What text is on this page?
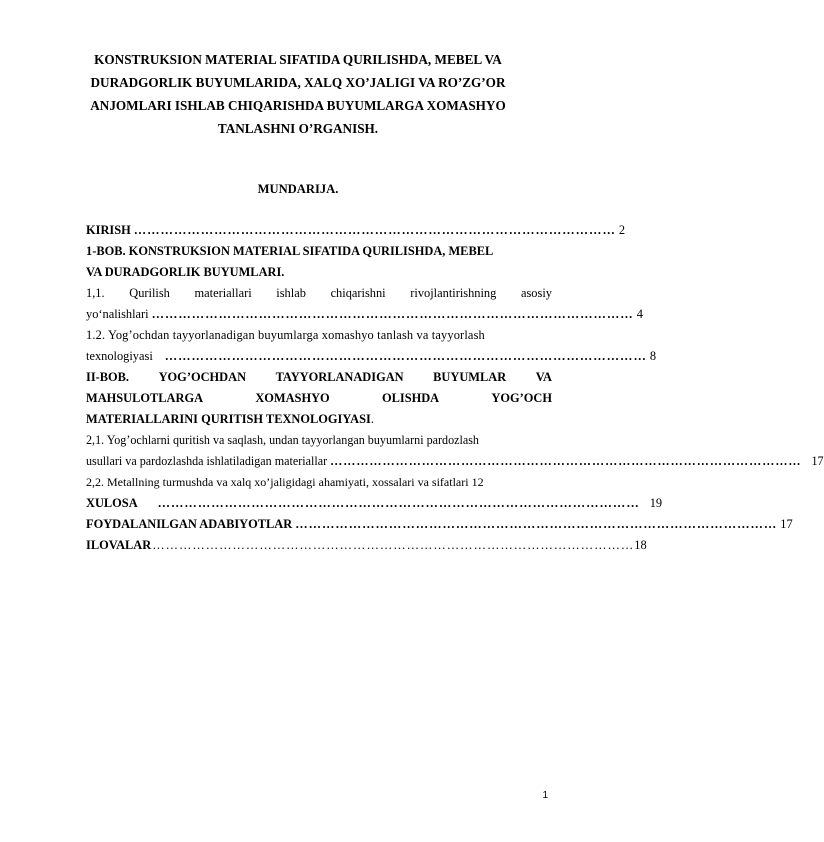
KONSTRUKSION MATERIAL SIFATIDA QURILISHDA, MEBEL VA
DURADGORLIK BUYUMLARIDA, XALQ XO’JALIGI VA RO’ZG’OR
ANJOMLARI ISHLAB CHIQARISHDA BUYUMLARGA XOMASHYO
TANLASHNI O’RGANISH.
MUNDARIJA.
KIRISH ……………………………………………………………………………………………… 2
1-BOB. KONSTRUKSION MATERIAL SIFATIDA QURILISHDA, MEBEL
VA DURADGORLIK BUYUMLARI.
1,1. Qurilish materiallari ishlab chiqarishni rivojlantirishning asosiy
yo‘nalishlari ……………………………………………………………………………………………… 4
1.2. Yog’ochdan tayyorlanadigan buyumlarga xomashyo tanlash va tayyorlash
texnologiyasi ……………………………………………………………………………………………… 8
II-BOB. YOG’OCHDAN TAYYORLANADIGAN BUYUMLAR VA
MAHSULOTLARGA	XOMASHYO	OLISHDA	YOG’OCH
MATERIALLARINI QURITISH TEXNOLOGIYASI.
2,1. Yog’ochlarni quritish va saqlash, undan tayyorlangan buyumlarni pardozlash
usullari va pardozlashda ishlatiladigan materiallar ……………………………………………………………………………………………… 17
2,2. Metallning turmushda va xalq xo’jaligidagi ahamiyati, xossalari va sifatlari 12
XULOSA ……………………………………………………………………………………………… 19
FOYDALANILGAN ADABIYOTLAR ……………………………………………………………………………………………… 17
ILOVALAR ……………………………………………………………………………………………… 18
1
